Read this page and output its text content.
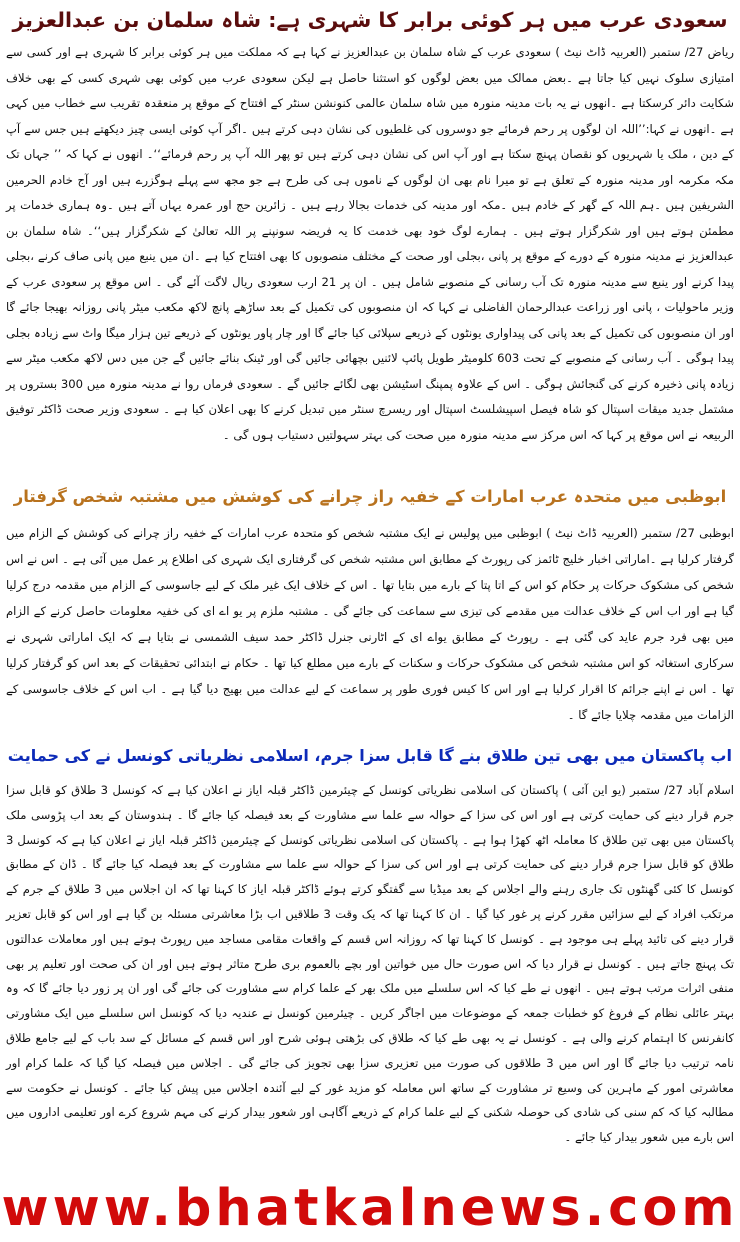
سعودی عرب میں ہر کوئی برابر کا شہری ہے: شاہ سلمان بن عبدالعزیز

ریاض 27/ ستمبر (العربیہ ڈاٹ نیٹ ) سعودی عرب کے شاہ سلمان بن عبدالعزیز نے کہا ہے کہ مملکت میں ہر کوئی برابر کا شہری ہے اور کسی سے امتیازی سلوک نہیں کیا جاتا ہے ۔بعض ممالک میں بعض لوگوں کو استثنا حاصل ہے لیکن سعودی عرب میں کوئی بھی شہری کسی کے بھی خلاف شکایت دائر کرسکتا ہے ۔انھوں نے یہ بات مدینہ منورہ میں شاہ سلمان عالمی کنونشن سنٹر کے افتتاح کے موقع پر منعقدہ تقریب سے خطاب میں کہی ہے ۔انھوں نے کہا:’’اللہ ان لوگوں پر رحم فرمائے جو دوسروں کی غلطیوں کی نشان دہی کرتے ہیں ۔اگر آپ کوئی ایسی چیز دیکھتے ہیں جس سے آپ کے دین ، ملک یا شہریوں کو نقصان پہنچ سکتا ہے اور آپ اس کی نشان دہی کرتے ہیں تو پھر اللہ آپ پر رحم فرمائے‘‘۔ انھوں نے کہا کہ ’’ جہاں تک مکہ مکرمہ اور مدینہ منورہ کے تعلق ہے تو میرا نام بھی ان لوگوں کے ناموں ہی کی طرح ہے جو مجھ سے پہلے ہوگزرے ہیں اور آج خادم الحرمین الشریفین ہیں ۔ہم اللہ کے گھر کے خادم ہیں ۔مکہ اور مدینہ کی خدمات بجالا رہے ہیں ۔ زائرین حج اور عمرہ یہاں آتے ہیں ۔وہ ہماری خدمات پر مطمئن ہوتے ہیں اور شکرگزار ہوتے ہیں ۔ ہمارے لوگ خود بھی خدمت کا یہ فریضہ سونپنے پر اللہ تعالیٰ کے شکرگزار ہیں‘‘۔ شاہ سلمان بن عبدالعزیز نے مدینہ منورہ کے دورے کے موقع پر پانی ،بجلی اور صحت کے مختلف منصوبوں کا بھی افتتاح کیا ہے ۔ان میں ینبع میں پانی صاف کرنے ،بجلی پیدا کرنے اور ینبع سے مدینہ منورہ تک آب رسانی کے منصوبے شامل ہیں ۔ ان پر 21 ارب سعودی ریال لاگت آئے گی ۔ اس موقع پر سعودی عرب کے وزیر ماحولیات ، پانی اور زراعت عبدالرحمان الفاضلی نے کہا کہ ان منصوبوں کی تکمیل کے بعد ساڑھے پانچ لاکھ مکعب میٹر پانی روزانہ بھیجا جائے گا اور ان منصوبوں کی تکمیل کے بعد پانی کی پیداواری یونٹوں کے ذریعے سپلائی کیا جائے گا اور چار پاور یونٹوں کے ذریعے تین ہزار میگا واٹ سے زیادہ بجلی پیدا ہوگی ۔ آب رسانی کے منصوبے کے تحت 603 کلومیٹر طویل پائپ لائنیں بچھائی جائیں گی اور ٹینک بنائے جائیں گے جن میں دس لاکھ مکعب میٹر سے زیادہ پانی ذخیرہ کرنے کی گنجائش ہوگی ۔ اس کے علاوہ پمپنگ اسٹیشن بھی لگائے جائیں گے ۔ سعودی فرماں روا نے مدینہ منورہ میں 300 بستروں پر مشتمل جدید میقات اسپتال کو شاہ فیصل اسپیشلسٹ اسپتال اور ریسرچ سنٹر میں تبدیل کرنے کا بھی اعلان کیا ہے ۔ سعودی وزیر صحت ڈاکٹر توفیق الربیعہ نے اس موقع پر کہا کہ اس مرکز سے مدینہ منورہ میں صحت کی بہتر سہولتیں دستیاب ہوں گی ۔

ابوظبی میں متحدہ عرب امارات کے خفیہ راز چرانے کی کوشش میں مشتبہ شخص گرفتار

ابوظبی 27/ ستمبر (العربیہ ڈاٹ نیٹ ) ابوظبی میں پولیس نے ایک مشتبہ شخص کو متحدہ عرب امارات کے خفیہ راز چرانے کی کوشش کے الزام میں گرفتار کرلیا ہے ۔اماراتی اخبار خلیج ٹائمز کی رپورٹ کے مطابق اس مشتبہ شخص کی گرفتاری ایک شہری کی اطلاع پر عمل میں آئی ہے ۔ اس نے اس شخص کی مشکوک حرکات پر حکام کو اس کے اتا پتا کے بارے میں بتایا تھا ۔ اس کے خلاف ایک غیر ملک کے لیے جاسوسی کے الزام میں مقدمہ درج کرلیا گیا ہے اور اب اس کے خلاف عدالت میں مقدمے کی تیزی سے سماعت کی جائے گی ۔ مشتبہ ملزم پر یو اے ای کی خفیہ معلومات حاصل کرنے کے الزام میں بھی فرد جرم عاید کی گئی ہے ۔ رپورٹ کے مطابق یواے ای کے اٹارنی جنرل ڈاکٹر حمد سیف الشمسی نے بتایا ہے کہ ایک اماراتی شہری نے سرکاری استغاثہ کو اس مشتبہ شخص کی مشکوک حرکات و سکنات کے بارے میں مطلع کیا تھا ۔ حکام نے ابتدائی تحقیقات کے بعد اس کو گرفتار کرلیا تھا ۔ اس نے اپنے جرائم کا اقرار کرلیا ہے اور اس کا کیس فوری طور پر سماعت کے لیے عدالت میں بھیج دیا گیا ہے ۔ اب اس کے خلاف جاسوسی کے الزامات میں مقدمہ چلایا جائے گا ۔

اب پاکستان میں بھی تین طلاق بنے گا قابل سزا جرم، اسلامی نظریاتی کونسل نے کی حمایت

اسلام آباد 27/ ستمبر (یو این آئی ) پاکستان کی اسلامی نظریاتی کونسل کے چیئرمین ڈاکٹر قبلہ ایاز نے اعلان کیا ہے کہ کونسل 3 طلاق کو قابل سزا جرم قرار دینے کی حمایت کرتی ہے اور اس کی سزا کے حوالہ سے علما سے مشاورت کے بعد فیصلہ کیا جائے گا ۔ ہندوستان کے بعد اب پڑوسی ملک پاکستان میں بھی تین طلاق کا معاملہ اٹھ کھڑا ہوا ہے ۔ پاکستان کی اسلامی نظریاتی کونسل کے چیئرمین ڈاکٹر قبلہ ایاز نے اعلان کیا ہے کہ کونسل 3 طلاق کو قابل سزا جرم قرار دینے کی حمایت کرتی ہے اور اس کی سزا کے حوالہ سے علما سے مشاورت کے بعد فیصلہ کیا جائے گا ۔ ڈان کے مطابق کونسل کا کئی گھنٹوں تک جاری رہنے والے اجلاس کے بعد میڈیا سے گفتگو کرتے ہوئے ڈاکٹر قبلہ ایاز کا کہنا تھا کہ ان اجلاس میں 3 طلاق کے جرم کے مرتکب افراد کے لیے سزائیں مقرر کرنے پر غور کیا گیا ۔ ان کا کہنا تھا کہ یک وقت 3 طلاقیں اب بڑا معاشرتی مسئلہ بن گیا ہے اور اس کو قابل تعزیر قرار دینے کی تائید پہلے ہی موجود ہے ۔ کونسل کا کہنا تھا کہ روزانہ اس قسم کے واقعات مقامی مساجد میں رپورٹ ہوتے ہیں اور معاملات عدالتوں تک پہنچ جاتے ہیں ۔ کونسل نے قرار دیا کہ اس صورت حال میں خواتین اور بچے بالعموم بری طرح متاثر ہوتے ہیں اور ان کی صحت اور تعلیم پر بھی منفی اثرات مرتب ہوتے ہیں ۔ انھوں نے طے کیا کہ اس سلسلے میں ملک بھر کے علما کرام سے مشاورت کی جائے گی اور ان پر زور دیا جائے گا کہ وہ بہتر عائلی نظام کے فروغ کو خطبات جمعہ کے موضوعات میں اجاگر کریں ۔ چیئرمین کونسل نے عندیہ دیا کہ کونسل اس سلسلے میں ایک مشاورتی کانفرنس کا اہتمام کرنے والی ہے ۔ کونسل نے یہ بھی طے کیا کہ طلاق کی بڑھتی ہوئی شرح اور اس قسم کے مسائل کے سد باب کے لیے جامع طلاق نامہ ترتیب دیا جائے گا اور اس میں 3 طلاقوں کی صورت میں تعزیری سزا بھی تجویز کی جائے گی ۔ اجلاس میں فیصلہ کیا گیا کہ علما کرام اور معاشرتی امور کے ماہرین کی وسیع تر مشاورت کے ساتھ اس معاملہ کو مزید غور کے لیے آئندہ اجلاس میں پیش کیا جائے ۔ کونسل نے حکومت سے مطالبہ کیا کہ کم سنی کی شادی کی حوصلہ شکنی کے لیے علما کرام کے ذریعے آگاہی اور شعور بیدار کرنے کی مہم شروع کرے اور تعلیمی اداروں میں اس بارے میں شعور بیدار کیا جائے ۔

www.bhatkalnews.com
